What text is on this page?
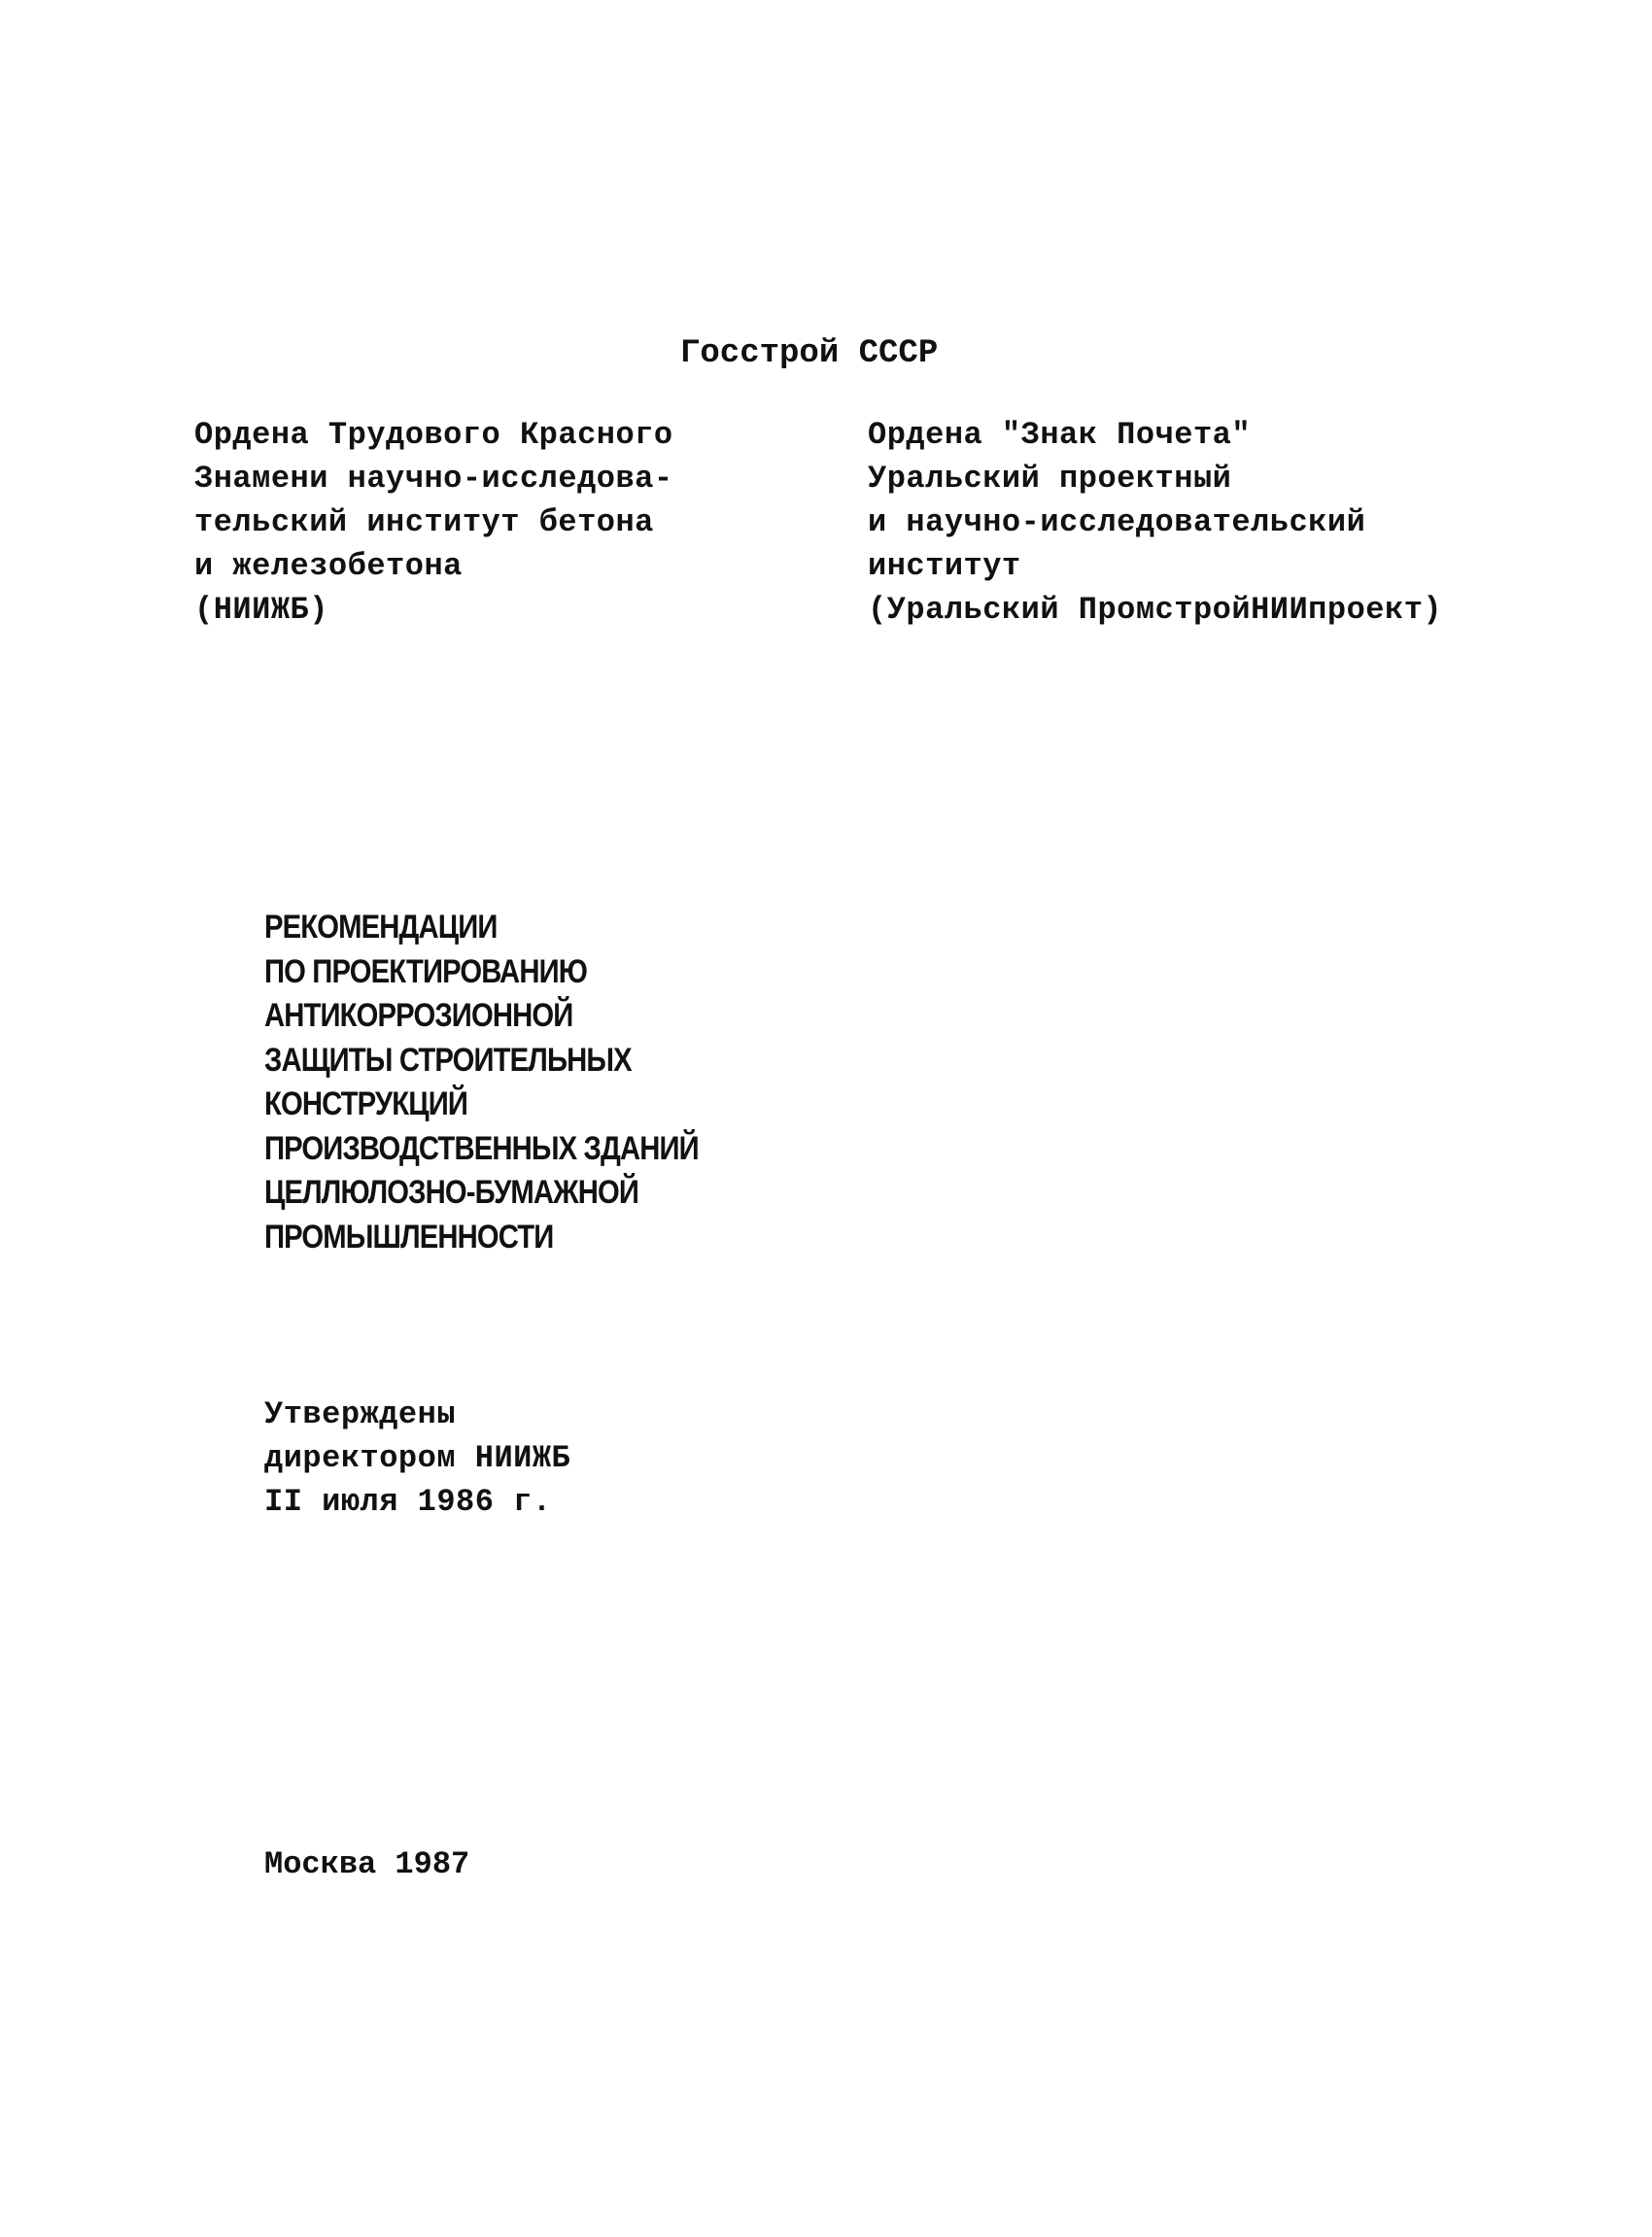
Госстрой СССР
Ордена Трудового Красного
Знамени научно-исследова-
тельский институт бетона
и железобетона
(НИИЖБ)
Ордена "Знак Почета"
Уральский проектный
и научно-исследовательский
институт
(Уральский ПромстройНИИпроект)
РЕКОМЕНДАЦИИ
ПО ПРОЕКТИРОВАНИЮ
АНТИКОРРОЗИОННОЙ
ЗАЩИТЫ СТРОИТЕЛЬНЫХ
КОНСТРУКЦИЙ
ПРОИЗВОДСТВЕННЫХ ЗДАНИЙ
ЦЕЛЛЮЛОЗНО-БУМАЖНОЙ
ПРОМЫШЛЕННОСТИ
Утверждены
директором НИИЖБ
II июля 1986 г.
Москва 1987
